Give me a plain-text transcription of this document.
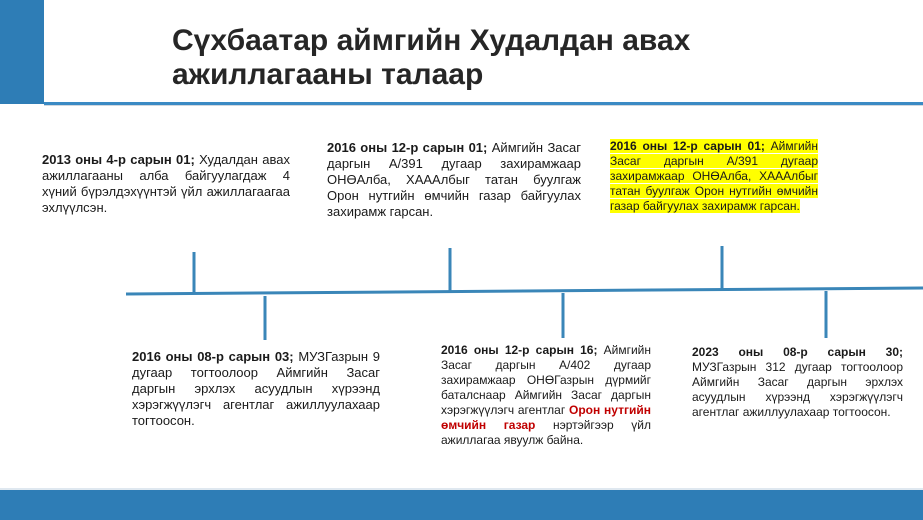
Сүхбаатар аймгийн Худалдан авах ажиллагааны талаар
2013 оны 4-р сарын 01; Худалдан авах ажиллагааны алба байгуулагдаж 4 хүний бүрэлдэхүүнтэй үйл ажиллагаагаа эхлүүлсэн.
2016 оны 08-р сарын 03; МУЗГазрын 9 дугаар тогтоолоор Аймгийн Засаг даргын эрхлэх асуудлын хүрээнд хэрэгжүүлэгч агентлаг ажиллуулахаар тогтоосон.
2016 оны 12-р сарын 01; Аймгийн Засаг даргын А/391 дугаар захирамжаар ОНӨАлба, ХАААлбыг татан буулгаж Орон нутгийн өмчийн газар байгуулах захирамж гарсан.
2016 оны 12-р сарын 16; Аймгийн Засаг даргын А/402 дугаар захирамжаар ОНӨГазрын дүрмийг баталснаар Аймгийн Засаг даргын хэрэгжүүлэгч агентлаг Орон нутгийн өмчийн газар нэртэйгээр үйл ажиллагаа явуулж байна.
2016 оны 12-р сарын 01; Аймгийн Засаг даргын А/391 дугаар захирамжаар ОНӨАлба, ХАААлбыг татан буулгаж Орон нутгийн өмчийн газар байгуулах захирамж гарсан.
2023 оны 08-р сарын 30; МУЗГазрын 312 дугаар тогтоолоор Аймгийн Засаг даргын эрхлэх асуудлын хүрээнд хэрэгжүүлэгч агентлаг ажиллуулахаар тогтоосон.
